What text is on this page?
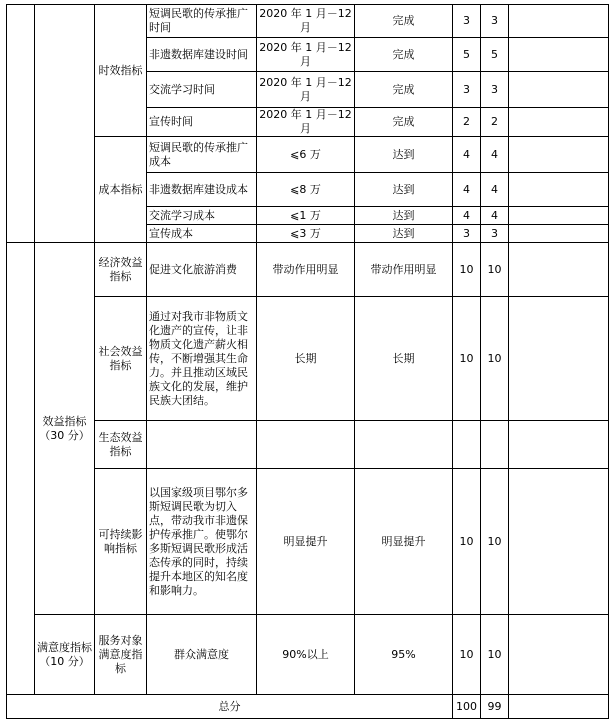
		时效指标	短调民歌的传承推广时间	2020 年 1 月－12 月	完成	3	3	
			非遗数据库建设时间	2020 年 1 月－12 月	完成	5	5	
			交流学习时间	2020 年 1 月－12 月	完成	3	3	
			宣传时间	2020 年 1 月－12 月	完成	2	2	
		成本指标	短调民歌的传承推广成本	⩽6 万	达到	4	4	
			非遗数据库建设成本	⩽8 万	达到	4	4	
			交流学习成本	⩽1 万	达到	4	4	
			宣传成本	⩽3 万	达到	3	3	
	效益指标（30 分）	经济效益指标	促进文化旅游消费	带动作用明显	带动作用明显	10	10	
		社会效益指标	通过对我市非物质文化遗产的宣传，让非物质文化遗产薪火相传，不断增强其生命力。并且推动区域民族文化的发展，维护民族大团结。	长期	长期	10	10	
		生态效益指标						
		可持续影响指标	以国家级项目鄂尔多斯短调民歌为切入点，带动我市非遗保护传承推广。使鄂尔多斯短调民歌形成活态传承的同时，持续提升本地区的知名度和影响力。	明显提升	明显提升	10	10	
	满意度指标（10 分）	服务对象满意度指标	群众满意度	90%以上	95%	10	10	
总分						100	99	
